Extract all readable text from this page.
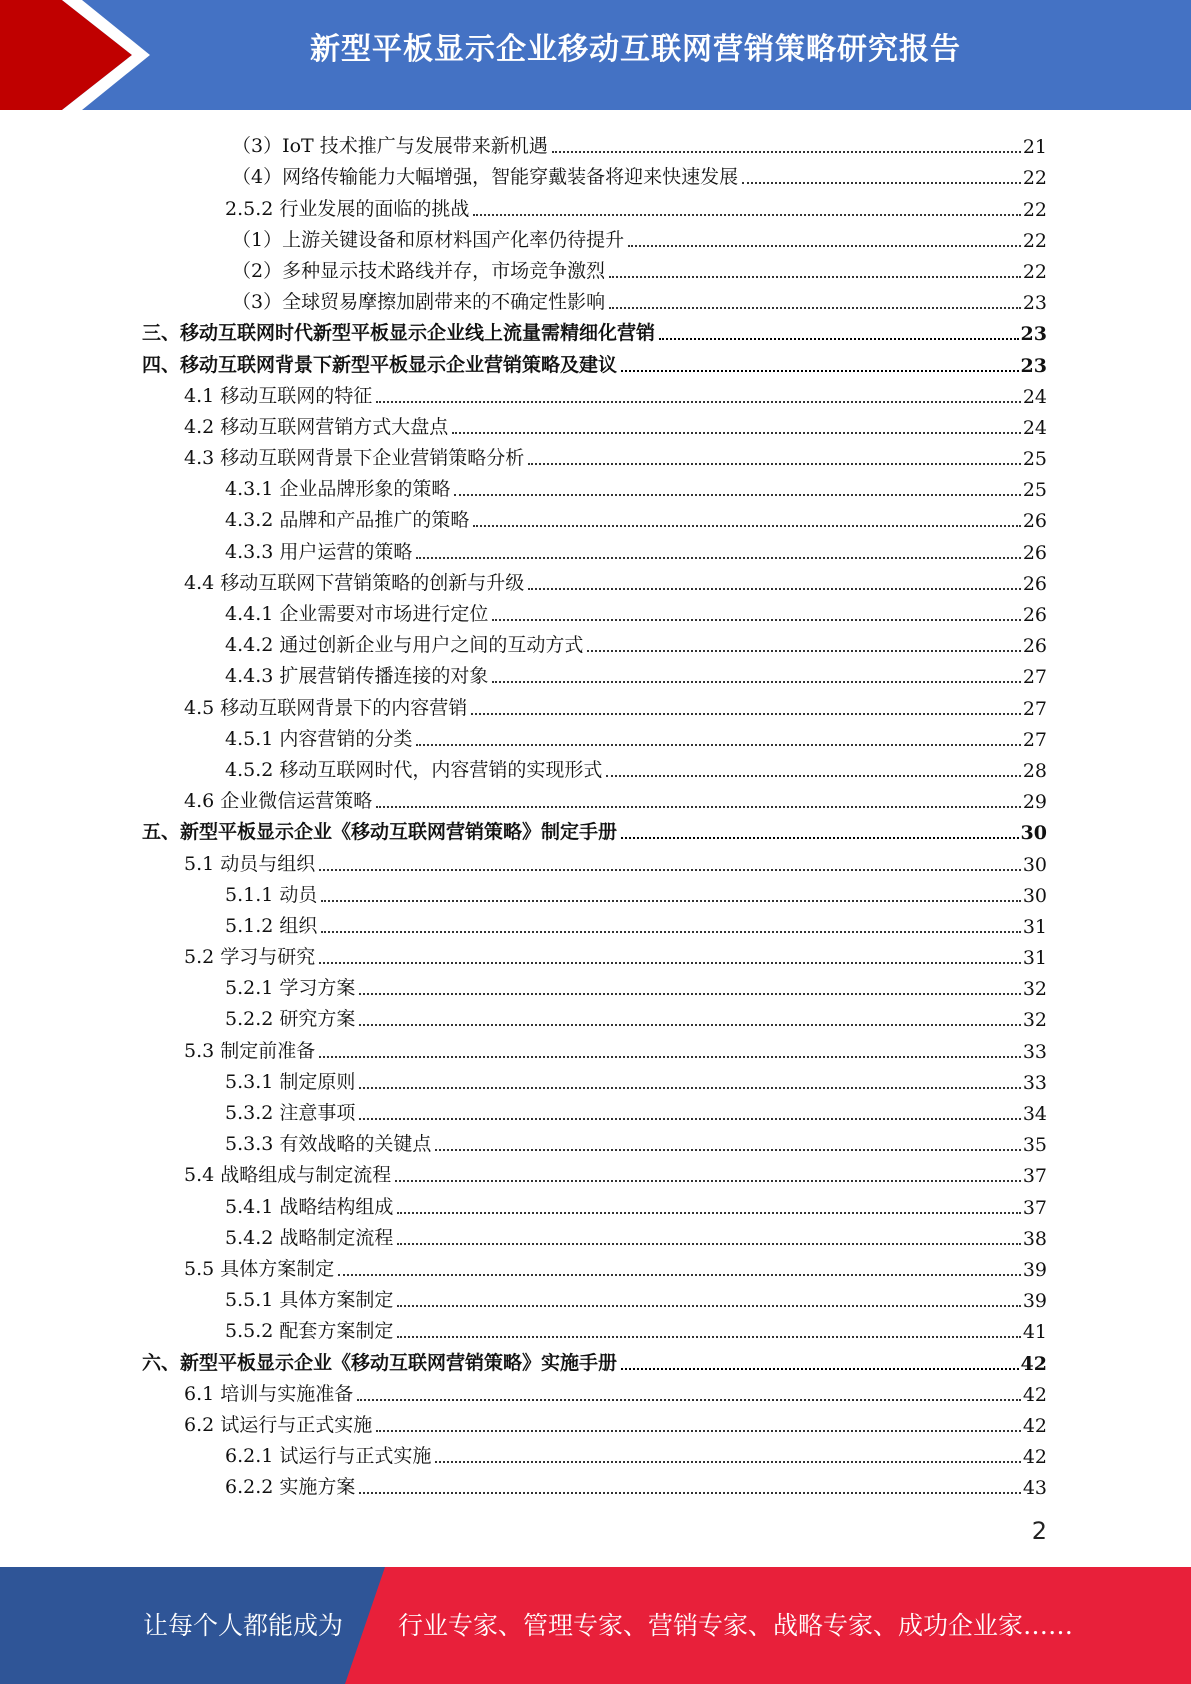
新型平板显示企业移动互联网营销策略研究报告
（3）IoT 技术推广与发展带来新机遇	21
（4）网络传输能力大幅增强，智能穿戴装备将迎来快速发展	22
2.5.2 行业发展的面临的挑战	22
（1）上游关键设备和原材料国产化率仍待提升	22
（2）多种显示技术路线并存，市场竞争激烈	22
（3）全球贸易摩擦加剧带来的不确定性影响	23
三、移动互联网时代新型平板显示企业线上流量需精细化营销	23
四、移动互联网背景下新型平板显示企业营销策略及建议	23
4.1 移动互联网的特征	24
4.2 移动互联网营销方式大盘点	24
4.3 移动互联网背景下企业营销策略分析	25
4.3.1 企业品牌形象的策略	25
4.3.2 品牌和产品推广的策略	26
4.3.3 用户运营的策略	26
4.4 移动互联网下营销策略的创新与升级	26
4.4.1 企业需要对市场进行定位	26
4.4.2 通过创新企业与用户之间的互动方式	26
4.4.3 扩展营销传播连接的对象	27
4.5 移动互联网背景下的内容营销	27
4.5.1 内容营销的分类	27
4.5.2 移动互联网时代，内容营销的实现形式	28
4.6 企业微信运营策略	29
五、新型平板显示企业《移动互联网营销策略》制定手册	30
5.1 动员与组织	30
5.1.1 动员	30
5.1.2 组织	31
5.2 学习与研究	31
5.2.1 学习方案	32
5.2.2 研究方案	32
5.3 制定前准备	33
5.3.1 制定原则	33
5.3.2 注意事项	34
5.3.3 有效战略的关键点	35
5.4 战略组成与制定流程	37
5.4.1 战略结构组成	37
5.4.2 战略制定流程	38
5.5 具体方案制定	39
5.5.1 具体方案制定	39
5.5.2 配套方案制定	41
六、新型平板显示企业《移动互联网营销策略》实施手册	42
6.1 培训与实施准备	42
6.2 试运行与正式实施	42
6.2.1 试运行与正式实施	42
6.2.2 实施方案	43
2
让每个人都能成为 行业专家、管理专家、营销专家、战略专家、成功企业家……
